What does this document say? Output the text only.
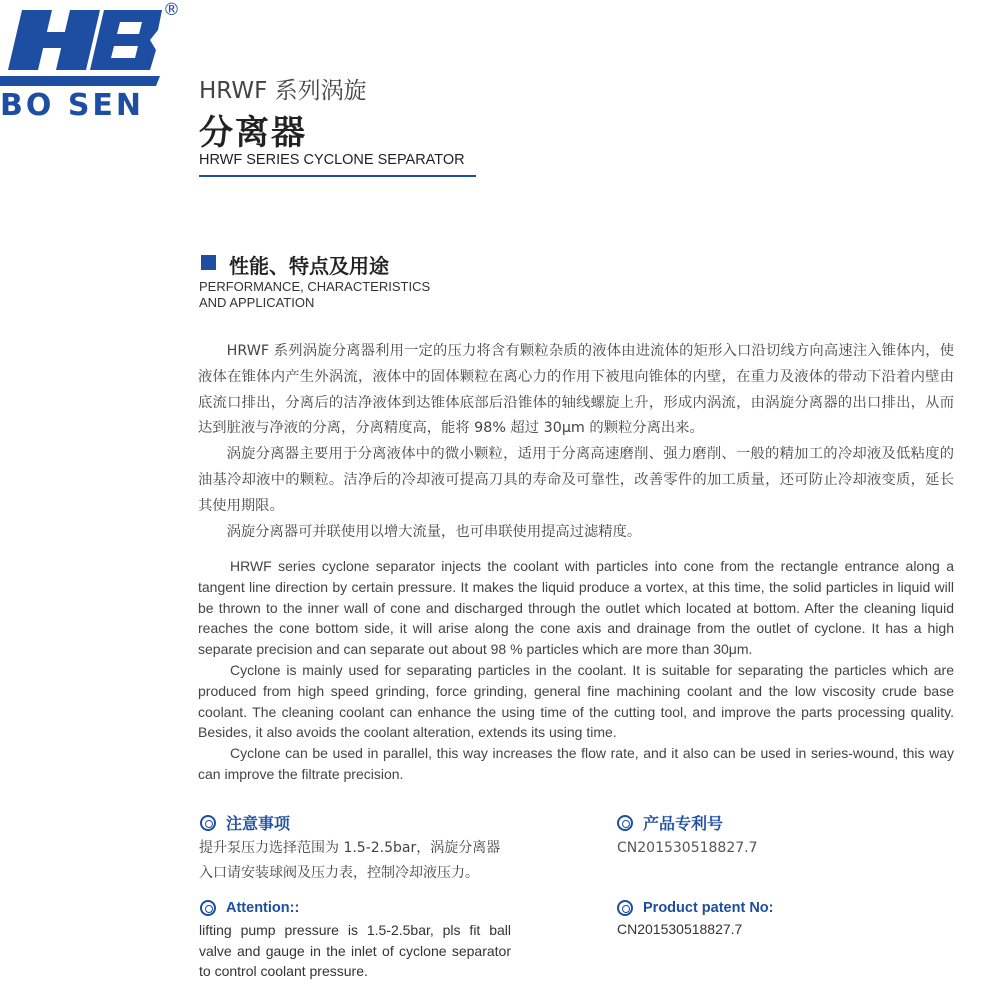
®
BO SEN	HRWF 系列涡旋
分离器
HRWF SERIES CYCLONE SEPARATOR
性能、特点及用途
PERFORMANCE, CHARACTERISTICS
AND APPLICATION

HRWF 系列涡旋分离器利用一定的压力将含有颗粒杂质的液体由进流体的矩形入口沿切线方向高速注入锥体内，使液体在锥体内产生外涡流，液体中的固体颗粒在离心力的作用下被甩向锥体的内壁，在重力及液体的带动下沿着内壁由底流口排出，分离后的洁净液体到达锥体底部后沿锥体的轴线螺旋上升，形成内涡流，由涡旋分离器的出口排出，从而达到脏液与净液的分离，分离精度高，能将 98% 超过 30μm 的颗粒分离出来。

涡旋分离器主要用于分离液体中的微小颗粒，适用于分离高速磨削、强力磨削、一般的精加工的冷却液及低粘度的油基冷却液中的颗粒。洁净后的冷却液可提高刀具的寿命及可靠性，改善零件的加工质量，还可防止冷却液变质，延长其使用期限。

涡旋分离器可并联使用以增大流量，也可串联使用提高过滤精度。

HRWF series cyclone separator injects the coolant with particles into cone from the rectangle entrance along a tangent line direction by certain pressure. It makes the liquid produce a vortex, at this time, the solid particles in liquid will be thrown to the inner wall of cone and discharged through the outlet which located at bottom. After the cleaning liquid reaches the cone bottom side, it will arise along the cone axis and drainage from the outlet of cyclone. It has a high separate precision and can separate out about 98 % particles which are more than 30μm.

Cyclone is mainly used for separating particles in the coolant. It is suitable for separating the particles which are produced from high speed grinding, force grinding, general fine machining coolant and the low viscosity crude base coolant. The cleaning coolant can enhance the using time of the cutting tool, and improve the parts processing quality. Besides, it also avoids the coolant alteration, extends its using time.

Cyclone can be used in parallel, this way increases the flow rate, and it also can be used in series-wound, this way can improve the filtrate precision.

注意事项
提升泵压力选择范围为 1.5-2.5bar，涡旋分离器
入口请安装球阀及压力表，控制冷却液压力。
产品专利号
CN201530518827.7
Attention::
lifting pump pressure is 1.5-2.5bar, pls fit ball valve and gauge in the inlet of cyclone separator to control coolant pressure.
Product patent No:
CN201530518827.7
